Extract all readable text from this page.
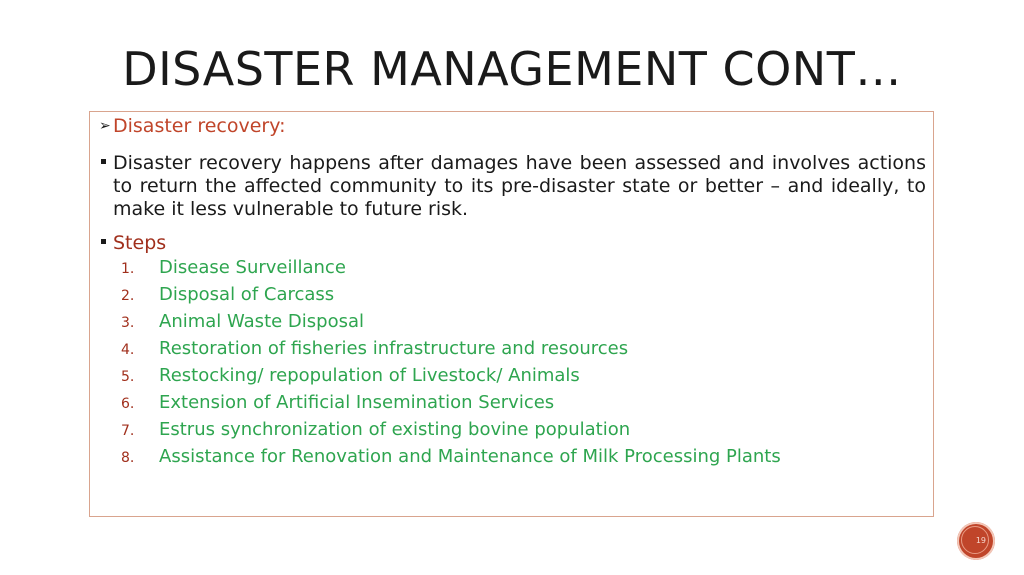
DISASTER MANAGEMENT CONT…
➢ Disaster recovery:
Disaster recovery happens after damages have been assessed and involves actions to return the affected community to its pre-disaster state or better – and ideally, to make it less vulnerable to future risk.
Steps
1. Disease Surveillance
2. Disposal of Carcass
3. Animal Waste Disposal
4. Restoration of fisheries infrastructure and resources
5. Restocking/ repopulation of Livestock/ Animals
6. Extension of Artificial Insemination Services
7. Estrus synchronization of existing bovine population
8. Assistance for Renovation and Maintenance of Milk Processing Plants
19
